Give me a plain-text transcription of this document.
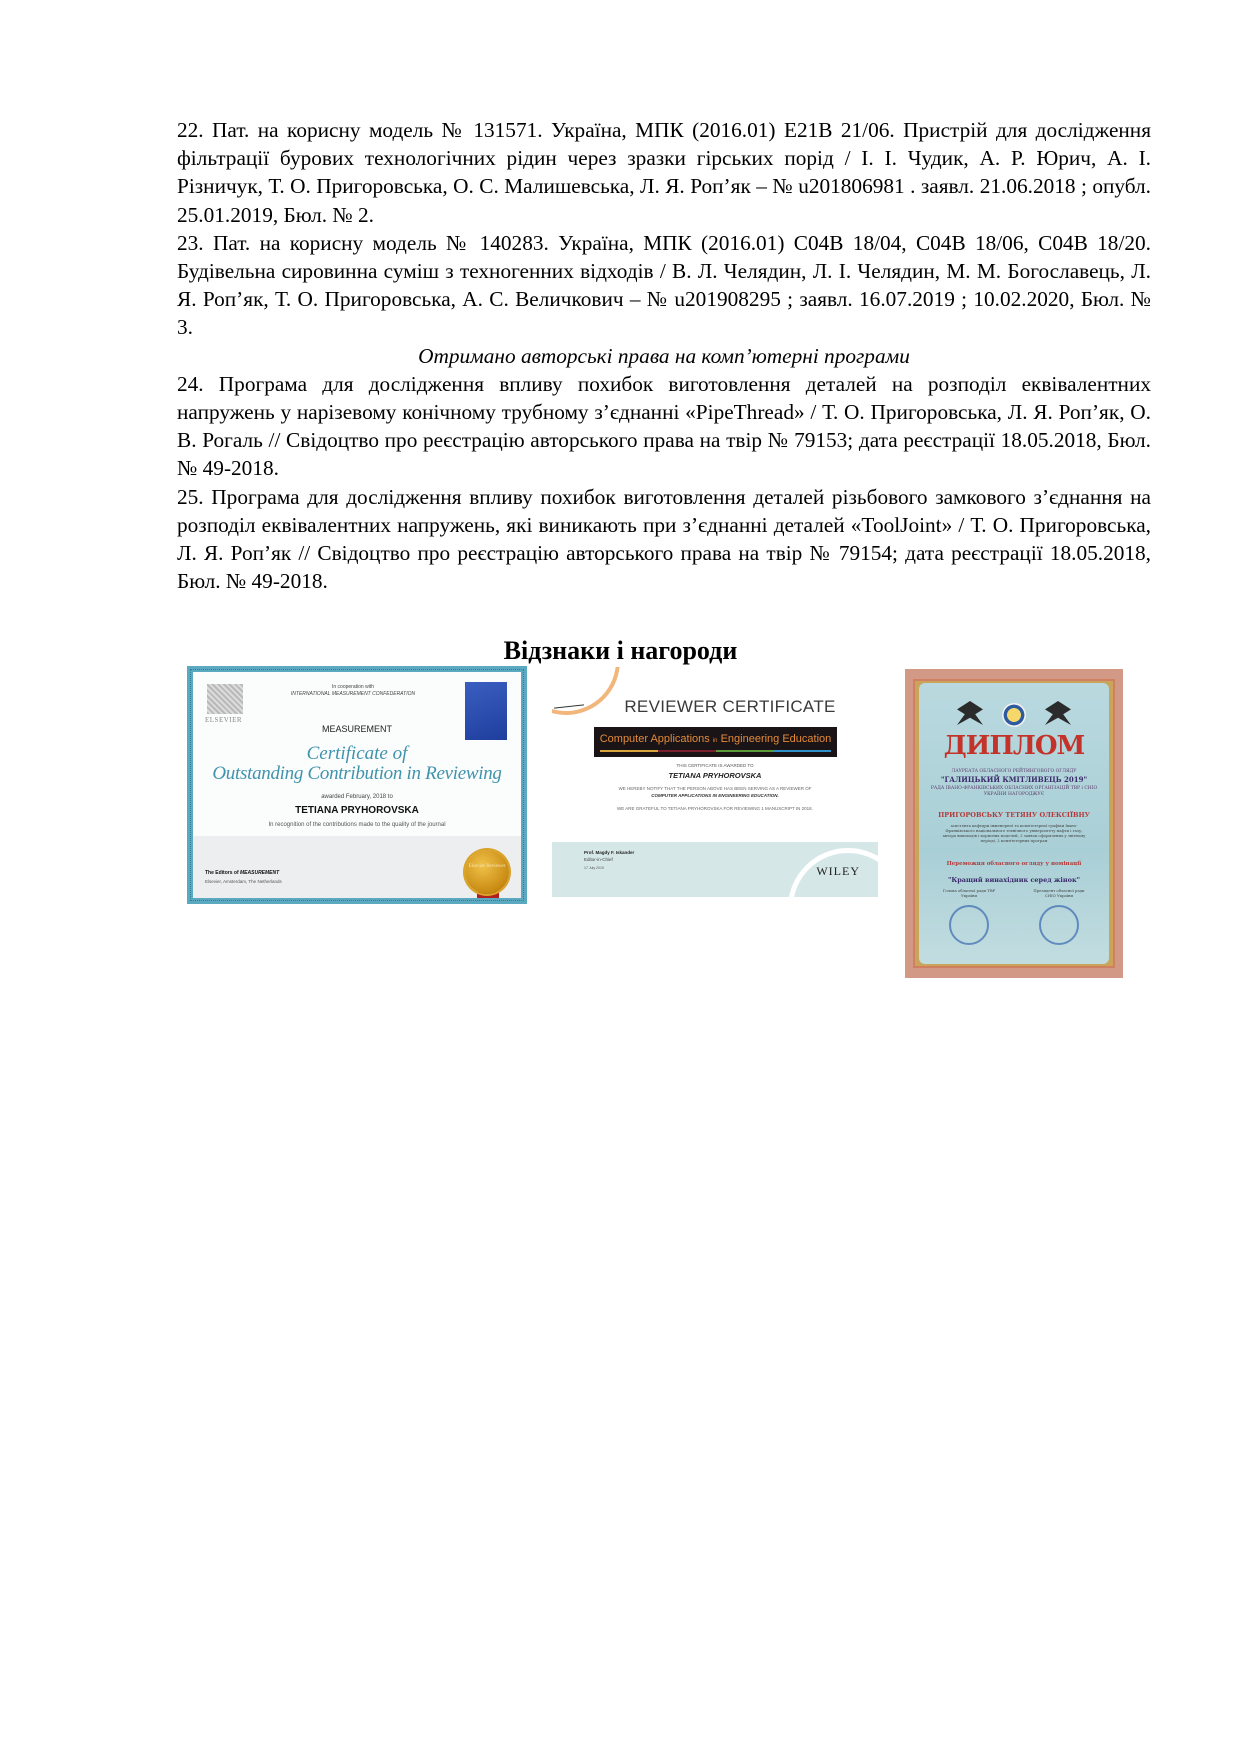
22. Пат. на корисну модель № 131571. Україна, МПК (2016.01) E21B 21/06. Пристрій для дослідження фільтрації бурових технологічних рідин через зразки гірських порід / І. І. Чудик, А. Р. Юрич, А. І. Різничук, Т. О. Пригоровська, О. С. Малишевська, Л. Я. Роп’як – № u201806981 . заявл. 21.06.2018 ; опубл. 25.01.2019, Бюл. № 2.

23. Пат. на корисну модель № 140283. Україна, МПК (2016.01) C04B 18/04, C04B 18/06, C04B 18/20. Будівельна сировинна суміш з техногенних відходів / В. Л. Челядин, Л. І. Челядин, М. М. Богославець, Л. Я. Роп’як, Т. О. Пригоровська, А. С. Величкович – № u201908295 ; заявл. 16.07.2019 ; 10.02.2020, Бюл. № 3.

Отримано авторські права на комп’ютерні програми

24. Програма для дослідження впливу похибок виготовлення деталей на розподіл еквівалентних напружень у нарізевому конічному трубному з’єднанні «PipeThread» / Т. О. Пригоровська, Л. Я. Роп’як, О. В. Рогаль // Свідоцтво про реєстрацію авторського права на твір № 79153; дата реєстрації 18.05.2018, Бюл. № 49-2018.

25. Програма для дослідження впливу похибок виготовлення деталей різьбового замкового з’єднання на розподіл еквівалентних напружень, які виникають при з’єднанні деталей «ToolJoint» / Т. О. Пригоровська, Л. Я. Роп’як // Свідоцтво про реєстрацію авторського права на твір № 79154; дата реєстрації 18.05.2018, Бюл. № 49-2018.

Відзнаки і нагороди
ELSEVIER
In cooperation with
INTERNATIONAL MEASUREMENT CONFEDERATION
MEASUREMENT
Certificate of
Outstanding Contribution in Reviewing
awarded February, 2018 to
TETIANA PRYHOROVSKA
In recognition of the contributions made to the quality of the journal
The Editors of MEASUREMENT
Elsevier, Amsterdam, The Netherlands
Elsevier Reviewer
REVIEWER CERTIFICATE
Computer Applications in Engineering Education
THIS CERTIFICATE IS AWARDED TO
TETIANA PRYHOROVSKA
WE HEREBY NOTIFY THAT THE PERSON ABOVE HAS BEEN SERVING AS A REVIEWER OF
COMPUTER APPLICATIONS IN ENGINEERING EDUCATION.
WE ARE GRATEFUL TO TETIANA PRYHOROVSKA FOR REVIEWING 1 MANUSCRIPT IN 2018.
Prof. Magdy F. Iskander
Editor-in-Chief
17 July 2019	WILEY
ДИПЛОМ
ЛАУРЕАТА ОБЛАСНОГО РЕЙТИНГОВОГО ОГЛЯДУ
"ГАЛИЦЬКИЙ КМІТЛИВЕЦЬ 2019"
РАДА ІВАНО-ФРАНКІВСЬКИХ ОБЛАСНИХ ОРГАНІЗАЦІЙ ТВР і СНІО УКРАЇНИ НАГОРОДЖУЄ
ПРИГОРОВСЬКУ ТЕТЯНУ ОЛЕКСІЇВНУ
асистента кафедри інженерної та комп'ютерної графіки Івано-Франківського національного технічного університету нафти і газу, автора винаходів і корисних моделей, 2 заявок оформлених у звітному періоді, 2 комп'ютерних програм
Переможця обласного огляду у номінації
"Кращий винахідник серед жінок"
Голова обласної ради ТВР України
Президент обласної ради СНІО України
